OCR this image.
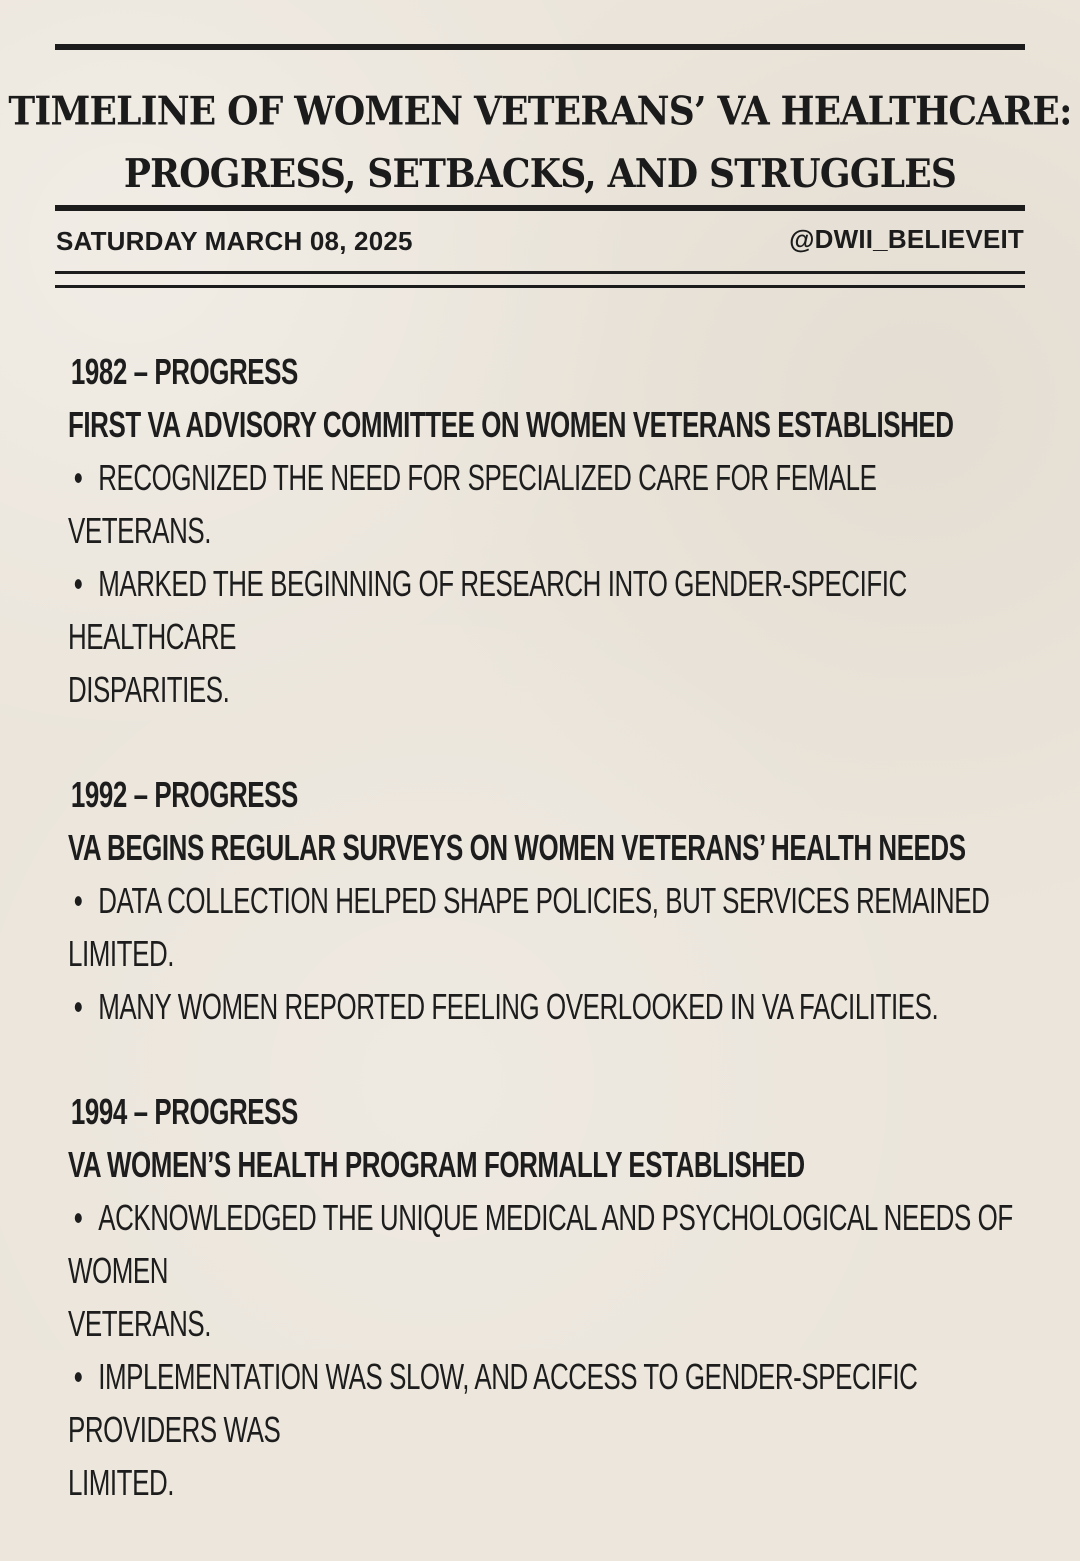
TIMELINE OF WOMEN VETERANS’ VA HEALTHCARE:
PROGRESS, SETBACKS, AND STRUGGLES
SATURDAY MARCH 08, 2025	@DWII_BELIEVEIT
1982 – PROGRESS
FIRST VA ADVISORY COMMITTEE ON WOMEN VETERANS ESTABLISHED
• RECOGNIZED THE NEED FOR SPECIALIZED CARE FOR FEMALE VETERANS.
• MARKED THE BEGINNING OF RESEARCH INTO GENDER-SPECIFIC HEALTHCARE
DISPARITIES.
1992 – PROGRESS
VA BEGINS REGULAR SURVEYS ON WOMEN VETERANS’ HEALTH NEEDS
• DATA COLLECTION HELPED SHAPE POLICIES, BUT SERVICES REMAINED LIMITED.
• MANY WOMEN REPORTED FEELING OVERLOOKED IN VA FACILITIES.
1994 – PROGRESS
VA WOMEN’S HEALTH PROGRAM FORMALLY ESTABLISHED
• ACKNOWLEDGED THE UNIQUE MEDICAL AND PSYCHOLOGICAL NEEDS OF WOMEN
VETERANS.
• IMPLEMENTATION WAS SLOW, AND ACCESS TO GENDER-SPECIFIC PROVIDERS WAS
LIMITED.
